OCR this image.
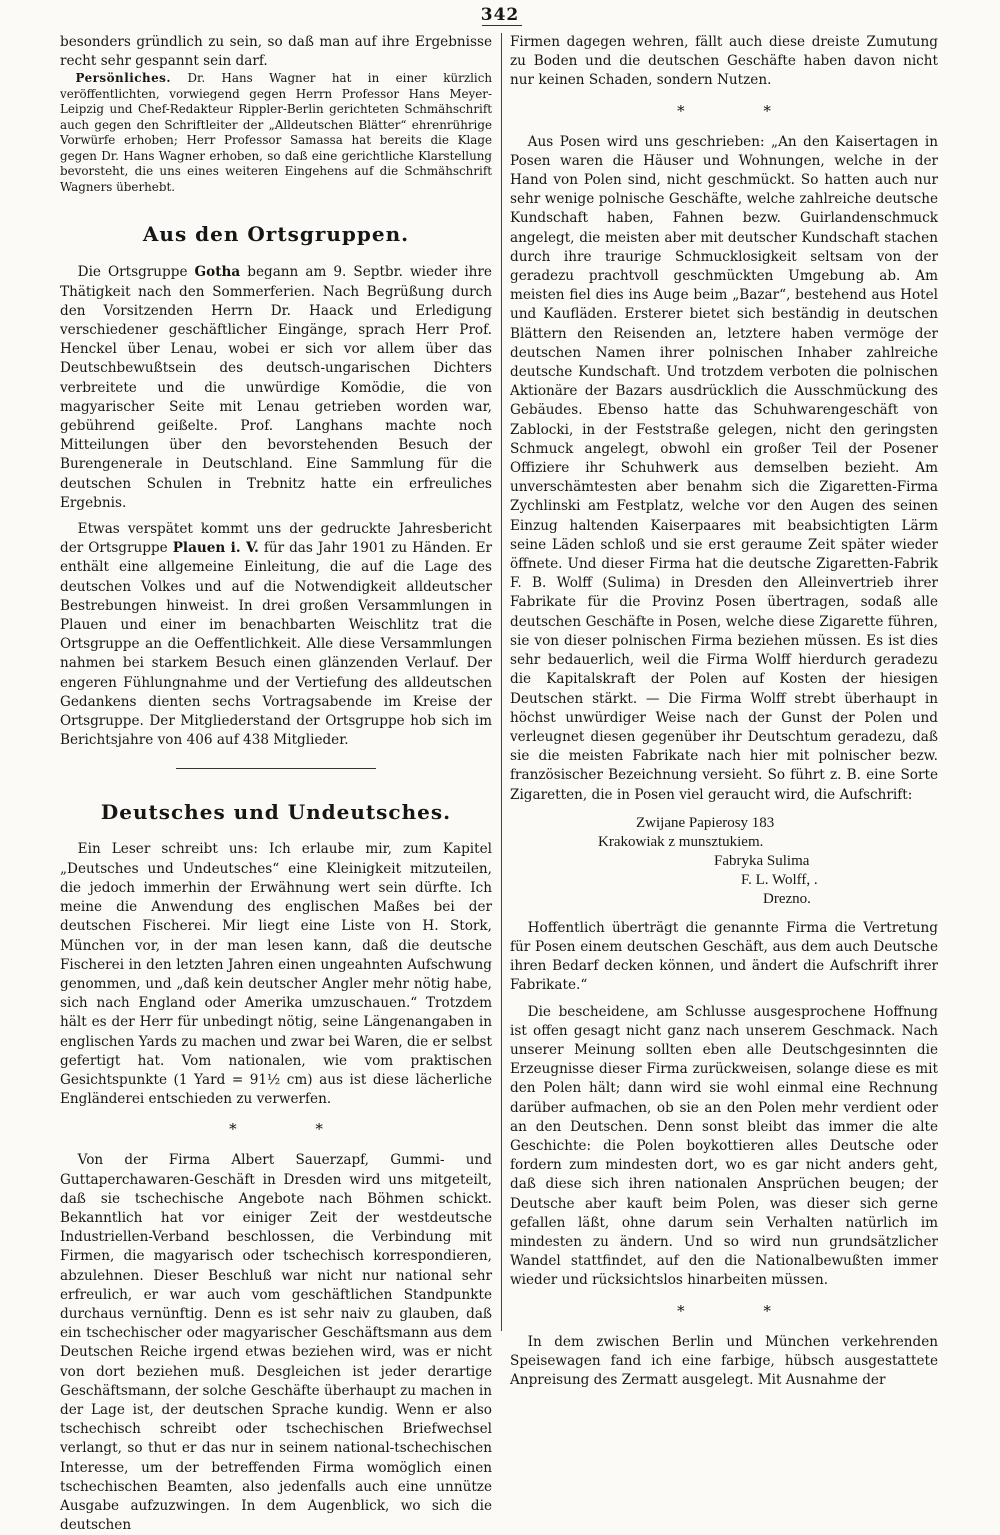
342

besonders gründlich zu sein, so daß man auf ihre Ergebnisse recht sehr gespannt sein darf.

Persönliches. Dr. Hans Wagner hat in einer kürzlich veröffentlichten, vorwiegend gegen Herrn Professor Hans Meyer-Leipzig und Chef-Redakteur Rippler-Berlin gerichteten Schmähschrift auch gegen den Schriftleiter der „Alldeutschen Blätter“ ehrenrührige Vorwürfe erhoben; Herr Professor Samassa hat bereits die Klage gegen Dr. Hans Wagner erhoben, so daß eine gerichtliche Klarstellung bevorsteht, die uns eines weiteren Eingehens auf die Schmähschrift Wagners überhebt.

Aus den Ortsgruppen.

Die Ortsgruppe Gotha begann am 9. Septbr. wieder ihre Thätigkeit nach den Sommerferien. Nach Begrüßung durch den Vorsitzenden Herrn Dr. Haack und Erledigung verschiedener geschäftlicher Eingänge, sprach Herr Prof. Henckel über Lenau, wobei er sich vor allem über das Deutschbewußtsein des deutsch-ungarischen Dichters verbreitete und die unwürdige Komödie, die von magyarischer Seite mit Lenau getrieben worden war, gebührend geißelte. Prof. Langhans machte noch Mitteilungen über den bevorstehenden Besuch der Burengenerale in Deutschland. Eine Sammlung für die deutschen Schulen in Trebnitz hatte ein erfreuliches Ergebnis.

Etwas verspätet kommt uns der gedruckte Jahresbericht der Ortsgruppe Plauen i. V. für das Jahr 1901 zu Händen. Er enthält eine allgemeine Einleitung, die auf die Lage des deutschen Volkes und auf die Notwendigkeit alldeutscher Bestrebungen hinweist. In drei großen Versammlungen in Plauen und einer im benachbarten Weischlitz trat die Ortsgruppe an die Oeffentlichkeit. Alle diese Versammlungen nahmen bei starkem Besuch einen glänzenden Verlauf. Der engeren Fühlungnahme und der Vertiefung des alldeutschen Gedankens dienten sechs Vortragsabende im Kreise der Ortsgruppe. Der Mitgliederstand der Ortsgruppe hob sich im Berichtsjahre von 406 auf 438 Mitglieder.

Deutsches und Undeutsches.

Ein Leser schreibt uns: Ich erlaube mir, zum Kapitel „Deutsches und Undeutsches“ eine Kleinigkeit mitzuteilen, die jedoch immerhin der Erwähnung wert sein dürfte. Ich meine die Anwendung des englischen Maßes bei der deutschen Fischerei. Mir liegt eine Liste von H. Stork, München vor, in der man lesen kann, daß die deutsche Fischerei in den letzten Jahren einen ungeahnten Aufschwung genommen, und „daß kein deutscher Angler mehr nötig habe, sich nach England oder Amerika umzuschauen.“ Trotzdem hält es der Herr für unbedingt nötig, seine Längenangaben in englischen Yards zu machen und zwar bei Waren, die er selbst gefertigt hat. Vom nationalen, wie vom praktischen Gesichtspunkte (1 Yard = 91½ cm) aus ist diese lächerliche Engländerei entschieden zu verwerfen.

* *

Von der Firma Albert Sauerzapf, Gummi- und Guttaperchawaren-Geschäft in Dresden wird uns mitgeteilt, daß sie tschechische Angebote nach Böhmen schickt. Bekanntlich hat vor einiger Zeit der westdeutsche Industriellen-Verband beschlossen, die Verbindung mit Firmen, die magyarisch oder tschechisch korrespondieren, abzulehnen. Dieser Beschluß war nicht nur national sehr erfreulich, er war auch vom geschäftlichen Standpunkte durchaus vernünftig. Denn es ist sehr naiv zu glauben, daß ein tschechischer oder magyarischer Geschäftsmann aus dem Deutschen Reiche irgend etwas beziehen wird, was er nicht von dort beziehen muß. Desgleichen ist jeder derartige Geschäftsmann, der solche Geschäfte überhaupt zu machen in der Lage ist, der deutschen Sprache kundig. Wenn er also tschechisch schreibt oder tschechischen Briefwechsel verlangt, so thut er das nur in seinem national-tschechischen Interesse, um der betreffenden Firma womöglich einen tschechischen Beamten, also jedenfalls auch eine unnütze Ausgabe aufzuzwingen. In dem Augenblick, wo sich die deutschen

Firmen dagegen wehren, fällt auch diese dreiste Zumutung zu Boden und die deutschen Geschäfte haben davon nicht nur keinen Schaden, sondern Nutzen.

* *

Aus Posen wird uns geschrieben: „An den Kaisertagen in Posen waren die Häuser und Wohnungen, welche in der Hand von Polen sind, nicht geschmückt. So hatten auch nur sehr wenige polnische Geschäfte, welche zahlreiche deutsche Kundschaft haben, Fahnen bezw. Guirlandenschmuck angelegt, die meisten aber mit deutscher Kundschaft stachen durch ihre traurige Schmucklosigkeit seltsam von der geradezu prachtvoll geschmückten Umgebung ab. Am meisten fiel dies ins Auge beim „Bazar“, bestehend aus Hotel und Kaufläden. Ersterer bietet sich beständig in deutschen Blättern den Reisenden an, letztere haben vermöge der deutschen Namen ihrer polnischen Inhaber zahlreiche deutsche Kundschaft. Und trotzdem verboten die polnischen Aktionäre der Bazars ausdrücklich die Ausschmückung des Gebäudes. Ebenso hatte das Schuhwarengeschäft von Zablocki, in der Feststraße gelegen, nicht den geringsten Schmuck angelegt, obwohl ein großer Teil der Posener Offiziere ihr Schuhwerk aus demselben bezieht. Am unverschämtesten aber benahm sich die Zigaretten-Firma Zychlinski am Festplatz, welche vor den Augen des seinen Einzug haltenden Kaiserpaares mit beabsichtigten Lärm seine Läden schloß und sie erst geraume Zeit später wieder öffnete. Und dieser Firma hat die deutsche Zigaretten-Fabrik F. B. Wolff (Sulima) in Dresden den Alleinvertrieb ihrer Fabrikate für die Provinz Posen übertragen, sodaß alle deutschen Geschäfte in Posen, welche diese Zigarette führen, sie von dieser polnischen Firma beziehen müssen. Es ist dies sehr bedauerlich, weil die Firma Wolff hierdurch geradezu die Kapitalskraft der Polen auf Kosten der hiesigen Deutschen stärkt. — Die Firma Wolff strebt überhaupt in höchst unwürdiger Weise nach der Gunst der Polen und verleugnet diesen gegenüber ihr Deutschtum geradezu, daß sie die meisten Fabrikate nach hier mit polnischer bezw. französischer Bezeichnung versieht. So führt z. B. eine Sorte Zigaretten, die in Posen viel geraucht wird, die Aufschrift:

Zwijane Papierosy 183
Krakowiak z munsztukiem.
Fabryka Sulima
F. L. Wolff, .
Drezno.

Hoffentlich überträgt die genannte Firma die Vertretung für Posen einem deutschen Geschäft, aus dem auch Deutsche ihren Bedarf decken können, und ändert die Aufschrift ihrer Fabrikate.“

Die bescheidene, am Schlusse ausgesprochene Hoffnung ist offen gesagt nicht ganz nach unserem Geschmack. Nach unserer Meinung sollten eben alle Deutschgesinnten die Erzeugnisse dieser Firma zurückweisen, solange diese es mit den Polen hält; dann wird sie wohl einmal eine Rechnung darüber aufmachen, ob sie an den Polen mehr verdient oder an den Deutschen. Denn sonst bleibt das immer die alte Geschichte: die Polen boykottieren alles Deutsche oder fordern zum mindesten dort, wo es gar nicht anders geht, daß diese sich ihren nationalen Ansprüchen beugen; der Deutsche aber kauft beim Polen, was dieser sich gerne gefallen läßt, ohne darum sein Verhalten natürlich im mindesten zu ändern. Und so wird nun grundsätzlicher Wandel stattfindet, auf den die Nationalbewußten immer wieder und rücksichtslos hinarbeiten müssen.

* *

In dem zwischen Berlin und München verkehrenden Speisewagen fand ich eine farbige, hübsch ausgestattete Anpreisung des Zermatt ausgelegt. Mit Ausnahme der
